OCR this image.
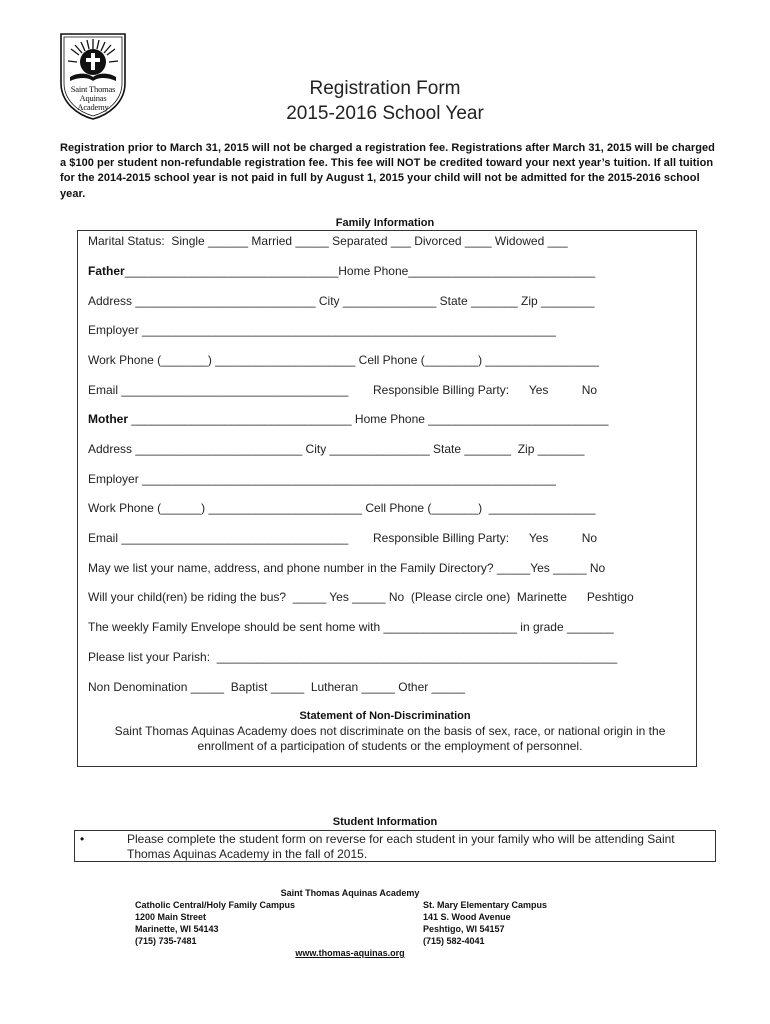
Saint Thomas
Aquinas
Academy
Registration Form
2015-2016 School Year
Registration prior to March 31, 2015 will not be charged a registration fee. Registrations after March 31, 2015 will be charged a $100 per student non-refundable registration fee. This fee will NOT be credited toward your next year’s tuition. If all tuition for the 2014-2015 school year is not paid in full by August 1, 2015 your child will not be admitted for the 2015-2016 school year.
Family Information
Marital Status:  Single ______ Married _____ Separated ___ Divorced ____ Widowed ___
Father________________________________Home Phone____________________________
Address ___________________________ City ______________ State _______ Zip ________
Employer ______________________________________________________________
Work Phone (_______) _____________________ Cell Phone (________) _________________
Email __________________________________ Responsible Billing Party:      Yes          No
Mother _________________________________ Home Phone ___________________________
Address _________________________ City _______________ State _______  Zip _______
Employer ______________________________________________________________
Work Phone (______) _______________________ Cell Phone (_______)  ________________
Email __________________________________ Responsible Billing Party:      Yes          No
May we list your name, address, and phone number in the Family Directory? _____Yes _____ No
Will your child(ren) be riding the bus?  _____ Yes _____ No  (Please circle one)  Marinette      Peshtigo
The weekly Family Envelope should be sent home with ____________________ in grade _______
Please list your Parish:  ____________________________________________________________
Non Denomination _____  Baptist _____  Lutheran _____ Other _____
Statement of Non-Discrimination
Saint Thomas Aquinas Academy does not discriminate on the basis of sex, race, or national origin in the enrollment of a participation of students or the employment of personnel.
Student Information
•	Please complete the student form on reverse for each student in your family who will be attending Saint Thomas Aquinas Academy in the fall of 2015.
Saint Thomas Aquinas Academy
Catholic Central/Holy Family Campus
1200 Main Street
Marinette, WI 54143
(715) 735-7481
St. Mary Elementary Campus
141 S. Wood Avenue
Peshtigo, WI 54157
(715) 582-4041
www.thomas-aquinas.org
